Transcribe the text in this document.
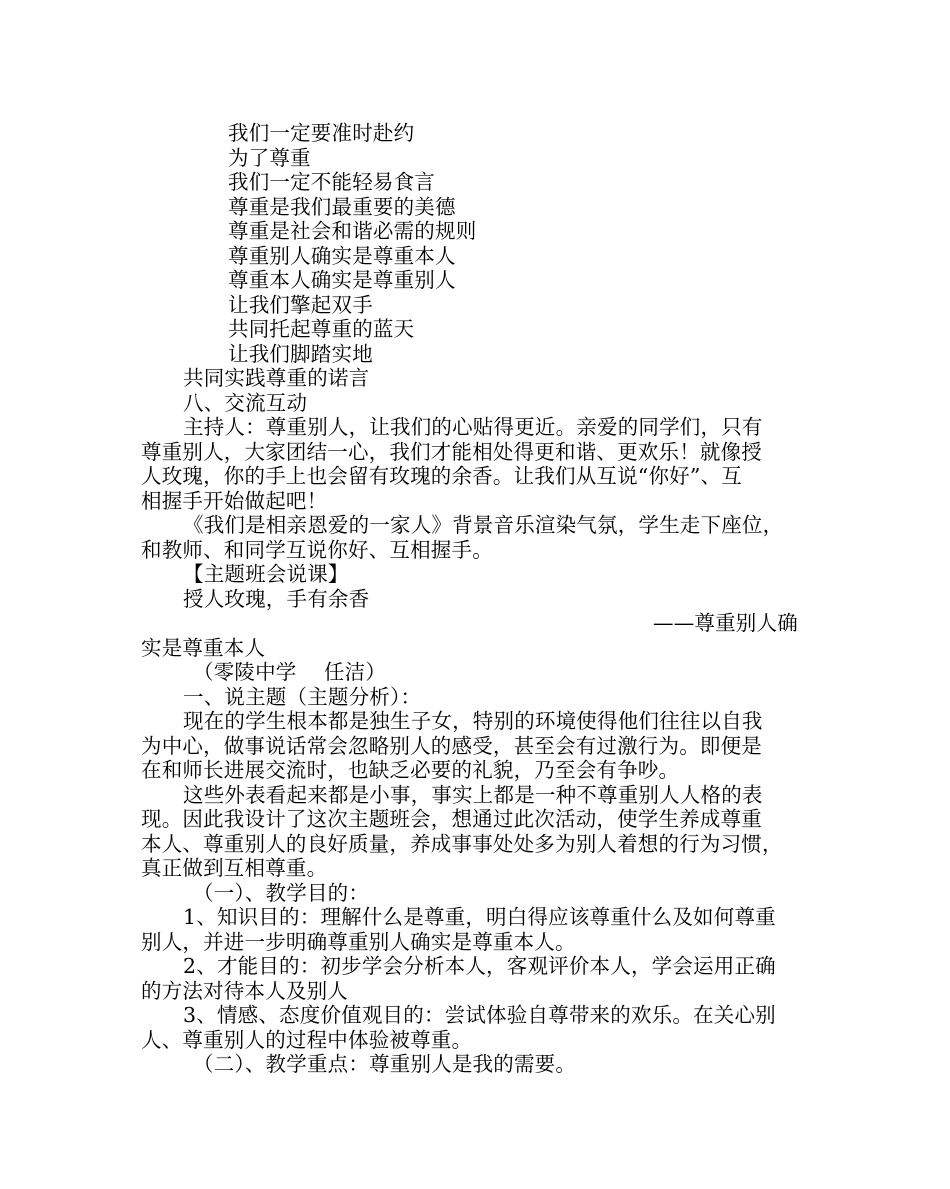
我们一定要准时赴约
为了尊重
我们一定不能轻易食言
尊重是我们最重要的美德
尊重是社会和谐必需的规则
尊重别人确实是尊重本人
尊重本人确实是尊重别人
让我们擎起双手
共同托起尊重的蓝天
让我们脚踏实地
共同实践尊重的诺言
八、交流互动
主持人：尊重别人，让我们的心贴得更近。亲爱的同学们，只有
尊重别人，大家团结一心，我们才能相处得更和谐、更欢乐！就像授
人玫瑰，你的手上也会留有玫瑰的余香。让我们从互说“你好”、互
相握手开始做起吧！
《我们是相亲恩爱的一家人》背景音乐渲染气氛，学生走下座位，
和教师、和同学互说你好、互相握手。
【主题班会说课】
授人玫瑰，手有余香
——尊重别人确
实是尊重本人
（零陵中学　 任洁）
一、说主题（主题分析）：
现在的学生根本都是独生子女，特别的环境使得他们往往以自我
为中心，做事说话常会忽略别人的感受，甚至会有过激行为。即便是
在和师长进展交流时，也缺乏必要的礼貌，乃至会有争吵。
这些外表看起来都是小事，事实上都是一种不尊重别人人格的表
现。因此我设计了这次主题班会，想通过此次活动，使学生养成尊重
本人、尊重别人的良好质量，养成事事处处多为别人着想的行为习惯，
真正做到互相尊重。
（一）、教学目的：
1、知识目的：理解什么是尊重，明白得应该尊重什么及如何尊重
别人，并进一步明确尊重别人确实是尊重本人。
2、才能目的：初步学会分析本人，客观评价本人，学会运用正确
的方法对待本人及别人
3、情感、态度价值观目的：尝试体验自尊带来的欢乐。在关心别
人、尊重别人的过程中体验被尊重。
（二）、教学重点：尊重别人是我的需要。
